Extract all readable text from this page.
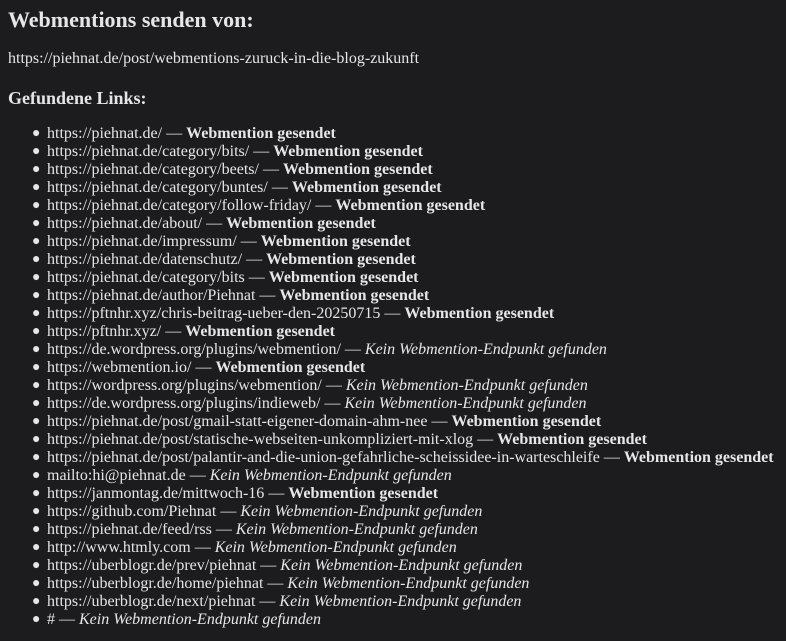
Webmentions senden von:

https://piehnat.de/post/webmentions-zuruck-in-die-blog-zukunft

Gefundene Links:
● https://piehnat.de/ — Webmention gesendet
● https://piehnat.de/category/bits/ — Webmention gesendet
● https://piehnat.de/category/beets/ — Webmention gesendet
● https://piehnat.de/category/buntes/ — Webmention gesendet
● https://piehnat.de/category/follow-friday/ — Webmention gesendet
● https://piehnat.de/about/ — Webmention gesendet
● https://piehnat.de/impressum/ — Webmention gesendet
● https://piehnat.de/datenschutz/ — Webmention gesendet
● https://piehnat.de/category/bits — Webmention gesendet
● https://piehnat.de/author/Piehnat — Webmention gesendet
● https://pftnhr.xyz/chris-beitrag-ueber-den-20250715 — Webmention gesendet
● https://pftnhr.xyz/ — Webmention gesendet
● https://de.wordpress.org/plugins/webmention/ — Kein Webmention-Endpunkt gefunden
● https://webmention.io/ — Webmention gesendet
● https://wordpress.org/plugins/webmention/ — Kein Webmention-Endpunkt gefunden
● https://de.wordpress.org/plugins/indieweb/ — Kein Webmention-Endpunkt gefunden
● https://piehnat.de/post/gmail-statt-eigener-domain-ahm-nee — Webmention gesendet
● https://piehnat.de/post/statische-webseiten-unkompliziert-mit-xlog — Webmention gesendet
● https://piehnat.de/post/palantir-and-die-union-gefahrliche-scheissidee-in-warteschleife — Webmention gesendet
● mailto:hi@piehnat.de — Kein Webmention-Endpunkt gefunden
● https://janmontag.de/mittwoch-16 — Webmention gesendet
● https://github.com/Piehnat — Kein Webmention-Endpunkt gefunden
● https://piehnat.de/feed/rss — Kein Webmention-Endpunkt gefunden
● http://www.htmly.com — Kein Webmention-Endpunkt gefunden
● https://uberblogr.de/prev/piehnat — Kein Webmention-Endpunkt gefunden
● https://uberblogr.de/home/piehnat — Kein Webmention-Endpunkt gefunden
● https://uberblogr.de/next/piehnat — Kein Webmention-Endpunkt gefunden
● # — Kein Webmention-Endpunkt gefunden
